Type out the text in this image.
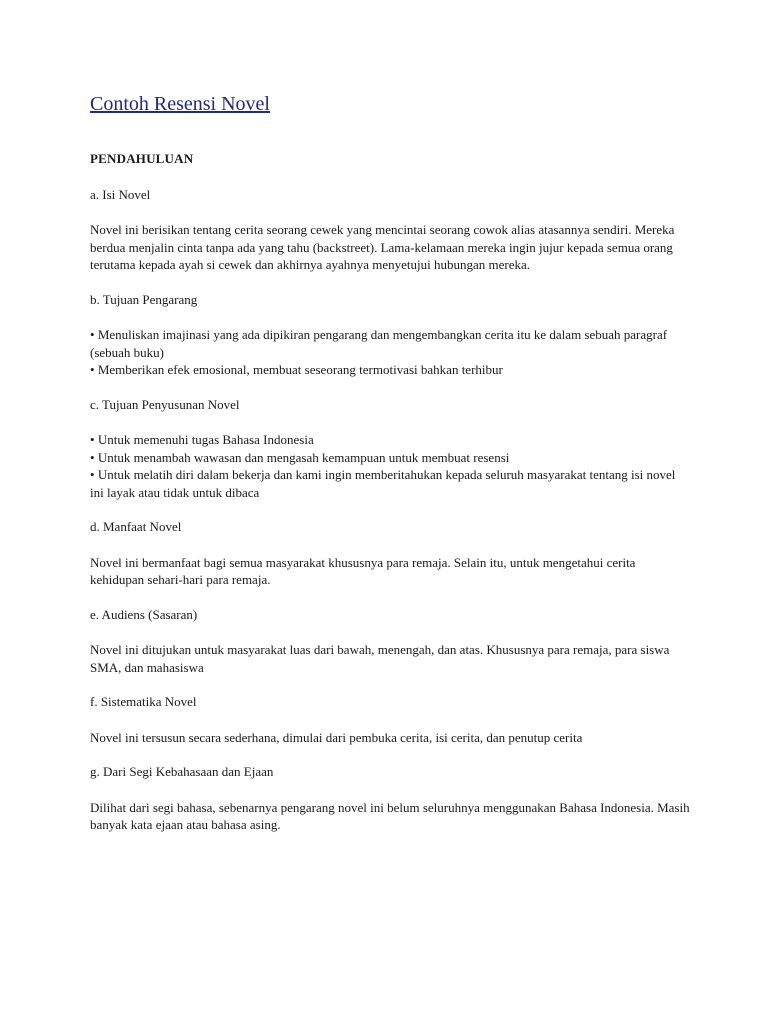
Contoh Resensi Novel
PENDAHULUAN
a. Isi Novel

Novel ini berisikan tentang cerita seorang cewek yang mencintai seorang cowok alias atasannya sendiri. Mereka berdua menjalin cinta tanpa ada yang tahu (backstreet). Lama-kelamaan mereka ingin jujur kepada semua orang terutama kepada ayah si cewek dan akhirnya ayahnya menyetujui hubungan mereka.

b. Tujuan Pengarang
• Menuliskan imajinasi yang ada dipikiran pengarang dan mengembangkan cerita itu ke dalam sebuah paragraf (sebuah buku)
• Memberikan efek emosional, membuat seseorang termotivasi bahkan terhibur
c. Tujuan Penyusunan Novel
• Untuk memenuhi tugas Bahasa Indonesia
• Untuk menambah wawasan dan mengasah kemampuan untuk membuat resensi
• Untuk melatih diri dalam bekerja dan kami ingin memberitahukan kepada seluruh masyarakat tentang isi novel ini layak atau tidak untuk dibaca
d. Manfaat Novel

Novel ini bermanfaat bagi semua masyarakat khususnya para remaja. Selain itu, untuk mengetahui cerita kehidupan sehari-hari para remaja.

e. Audiens (Sasaran)

Novel ini ditujukan untuk masyarakat luas dari bawah, menengah, dan atas. Khususnya para remaja, para siswa SMA, dan mahasiswa

f. Sistematika Novel

Novel ini tersusun secara sederhana, dimulai dari pembuka cerita, isi cerita, dan penutup cerita

g. Dari Segi Kebahasaan dan Ejaan

Dilihat dari segi bahasa, sebenarnya pengarang novel ini belum seluruhnya menggunakan Bahasa Indonesia. Masih banyak kata ejaan atau bahasa asing.
